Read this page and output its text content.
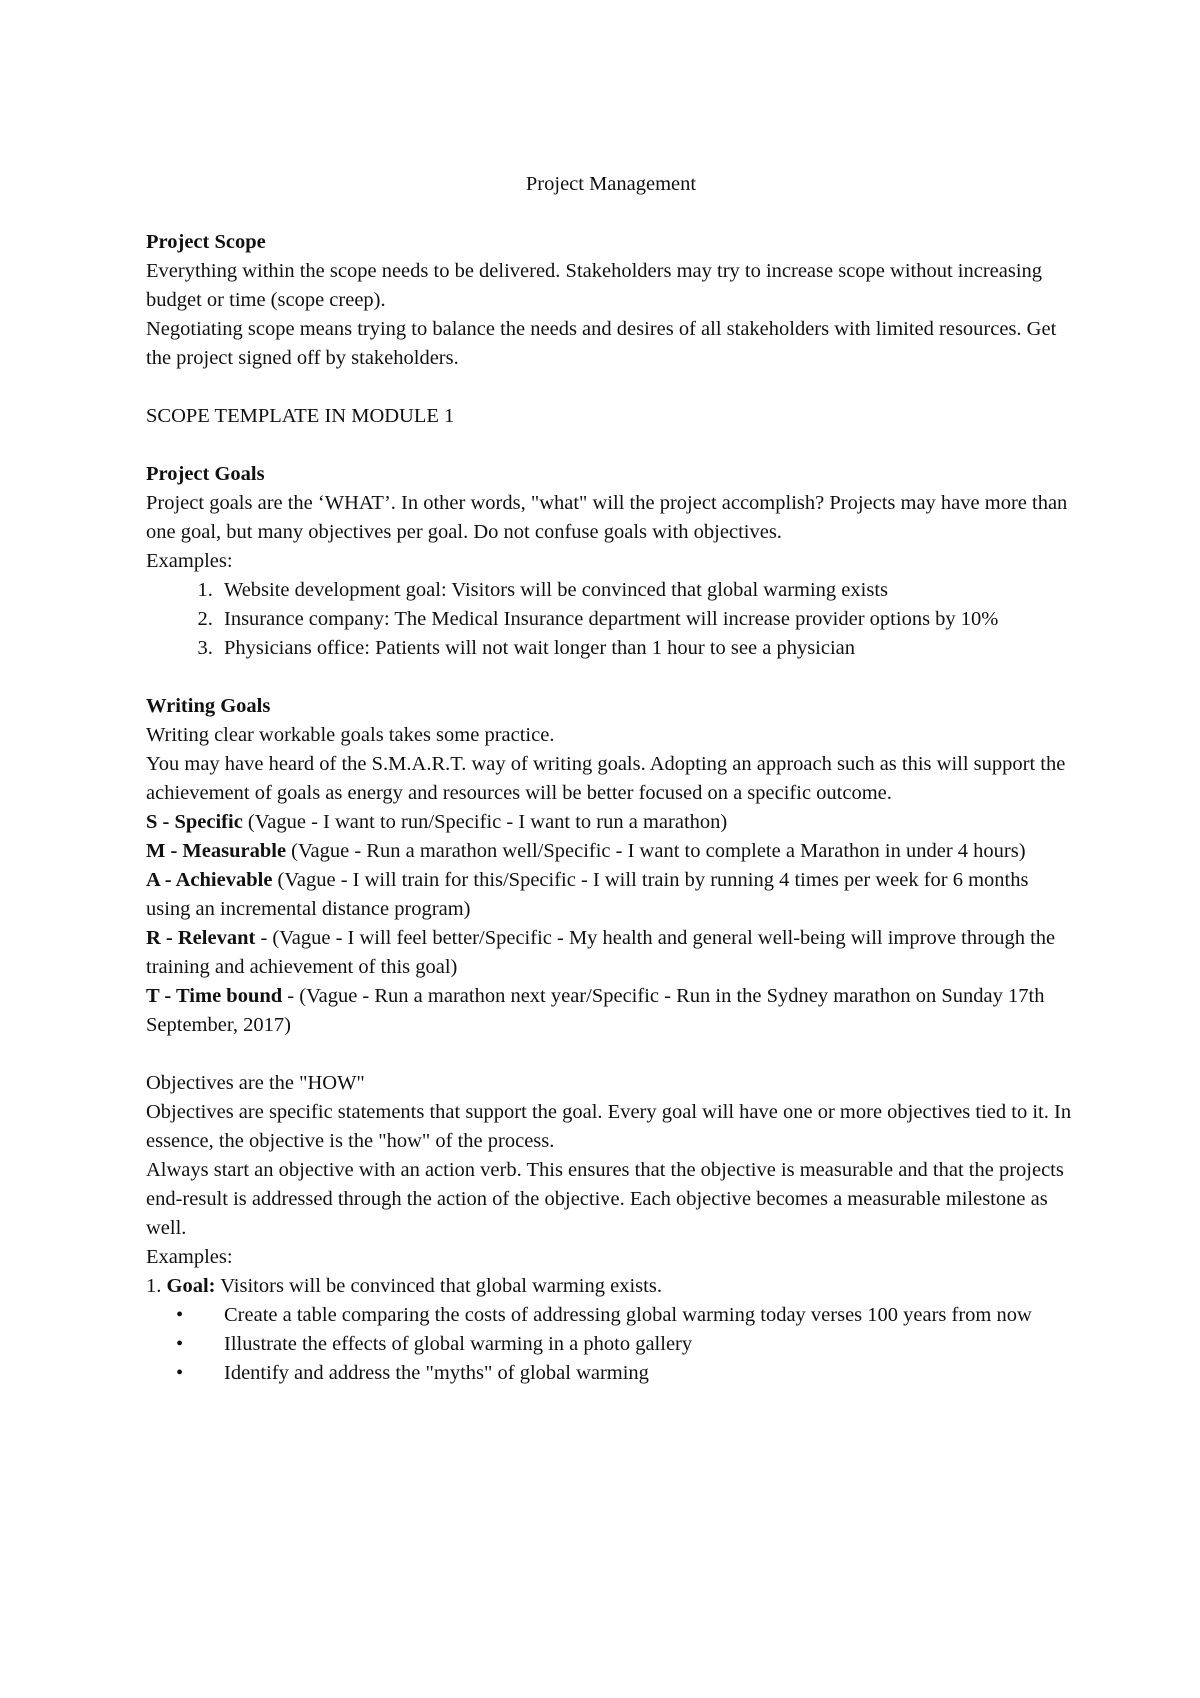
Project Management

Project Scope

Everything within the scope needs to be delivered. Stakeholders may try to increase scope without increasing budget or time (scope creep).

Negotiating scope means trying to balance the needs and desires of all stakeholders with limited resources. Get the project signed off by stakeholders.

SCOPE TEMPLATE IN MODULE 1

Project Goals

Project goals are the ‘WHAT’. In other words, "what" will the project accomplish? Projects may have more than one goal, but many objectives per goal. Do not confuse goals with objectives.

Examples:

1. Website development goal: Visitors will be convinced that global warming exists
2. Insurance company: The Medical Insurance department will increase provider options by 10%
3. Physicians office: Patients will not wait longer than 1 hour to see a physician

Writing Goals

Writing clear workable goals takes some practice.

You may have heard of the S.M.A.R.T. way of writing goals. Adopting an approach such as this will support the achievement of goals as energy and resources will be better focused on a specific outcome.

S - Specific (Vague - I want to run/Specific - I want to run a marathon)

M - Measurable (Vague - Run a marathon well/Specific - I want to complete a Marathon in under 4 hours)

A - Achievable (Vague - I will train for this/Specific - I will train by running 4 times per week for 6 months using an incremental distance program)

R - Relevant - (Vague - I will feel better/Specific - My health and general well-being will improve through the training and achievement of this goal)

T - Time bound - (Vague - Run a marathon next year/Specific - Run in the Sydney marathon on Sunday 17th September, 2017)

Objectives are the "HOW"

Objectives are specific statements that support the goal. Every goal will have one or more objectives tied to it. In essence, the objective is the "how" of the process.

Always start an objective with an action verb. This ensures that the objective is measurable and that the projects end-result is addressed through the action of the objective. Each objective becomes a measurable milestone as well.

Examples:

1. Goal: Visitors will be convinced that global warming exists.

• Create a table comparing the costs of addressing global warming today verses 100 years from now
• Illustrate the effects of global warming in a photo gallery
• Identify and address the "myths" of global warming
